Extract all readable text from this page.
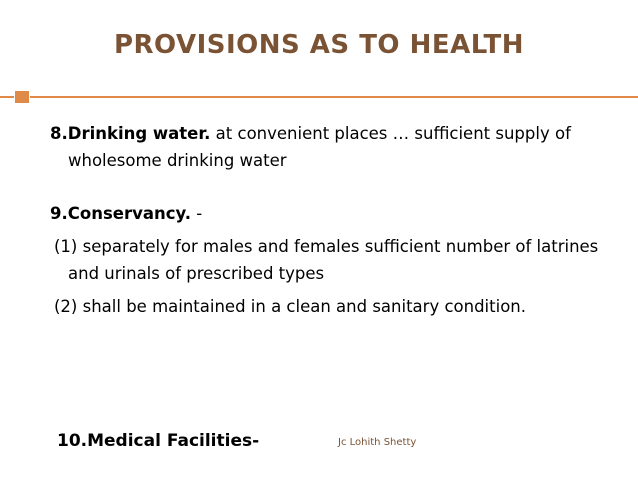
PROVISIONS AS TO HEALTH

8.Drinking water. at convenient places … sufficient supply of wholesome drinking water

9.Conservancy. -

(1) separately for males and females sufficient number of latrines and urinals of prescribed types

(2) shall be maintained in a clean and sanitary condition.

10.Medical Facilities-	Jc Lohith Shetty
